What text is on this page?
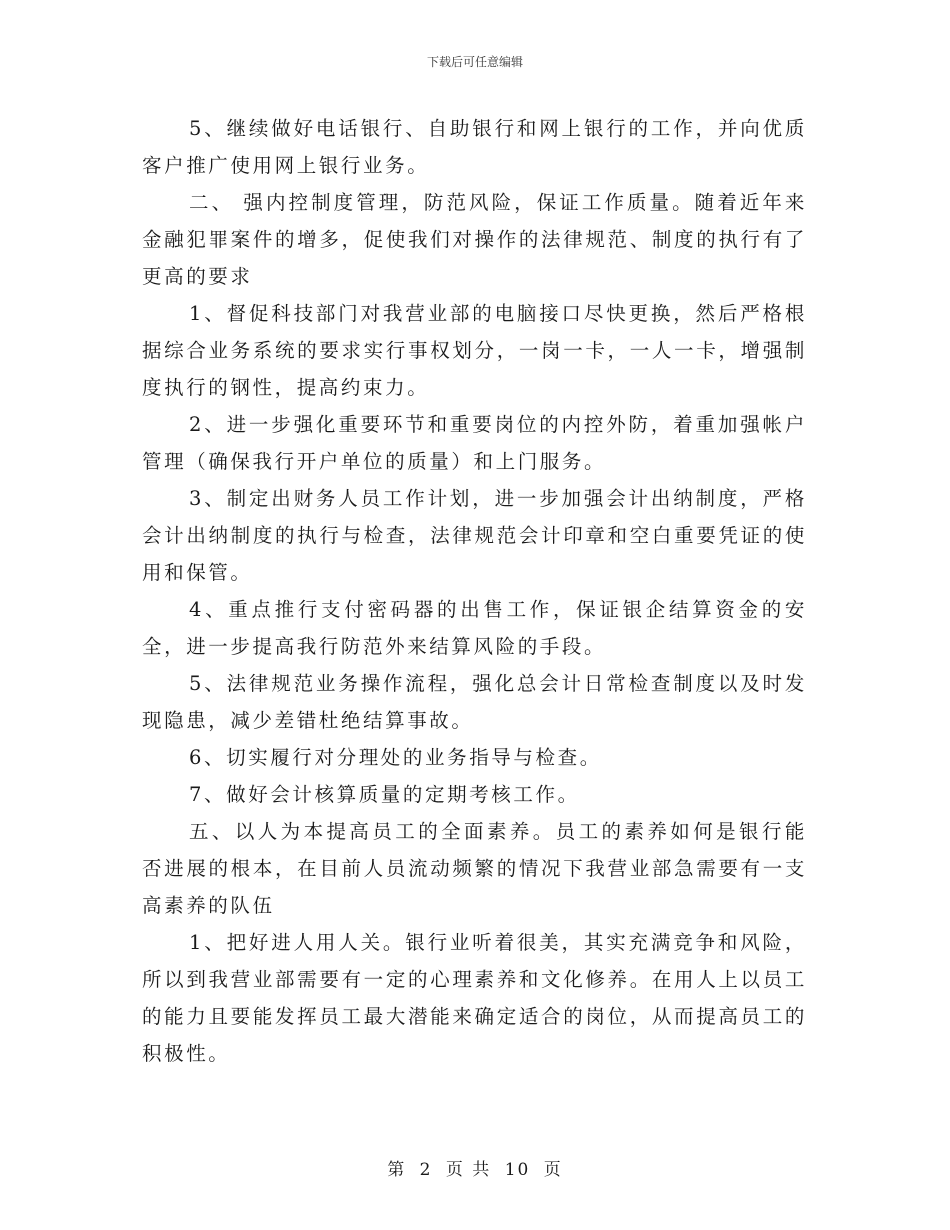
下载后可任意编辑

5、继续做好电话银行、自助银行和网上银行的工作，并向优质客户推广使用网上银行业务。

二、 强内控制度管理，防范风险，保证工作质量。随着近年来金融犯罪案件的增多，促使我们对操作的法律规范、制度的执行有了更高的要求

1、督促科技部门对我营业部的电脑接口尽快更换，然后严格根据综合业务系统的要求实行事权划分，一岗一卡，一人一卡，增强制度执行的钢性，提高约束力。

2、进一步强化重要环节和重要岗位的内控外防，着重加强帐户管理（确保我行开户单位的质量）和上门服务。

3、制定出财务人员工作计划，进一步加强会计出纳制度，严格会计出纳制度的执行与检查，法律规范会计印章和空白重要凭证的使用和保管。

4、重点推行支付密码器的出售工作，保证银企结算资金的安全，进一步提高我行防范外来结算风险的手段。

5、法律规范业务操作流程，强化总会计日常检查制度以及时发现隐患，减少差错杜绝结算事故。

6、切实履行对分理处的业务指导与检查。

7、做好会计核算质量的定期考核工作。

五、以人为本提高员工的全面素养。员工的素养如何是银行能否进展的根本，在目前人员流动频繁的情况下我营业部急需要有一支高素养的队伍

1、把好进人用人关。银行业听着很美，其实充满竞争和风险，所以到我营业部需要有一定的心理素养和文化修养。在用人上以员工的能力且要能发挥员工最大潜能来确定适合的岗位，从而提高员工的积极性。

第 2 页 共 10 页
